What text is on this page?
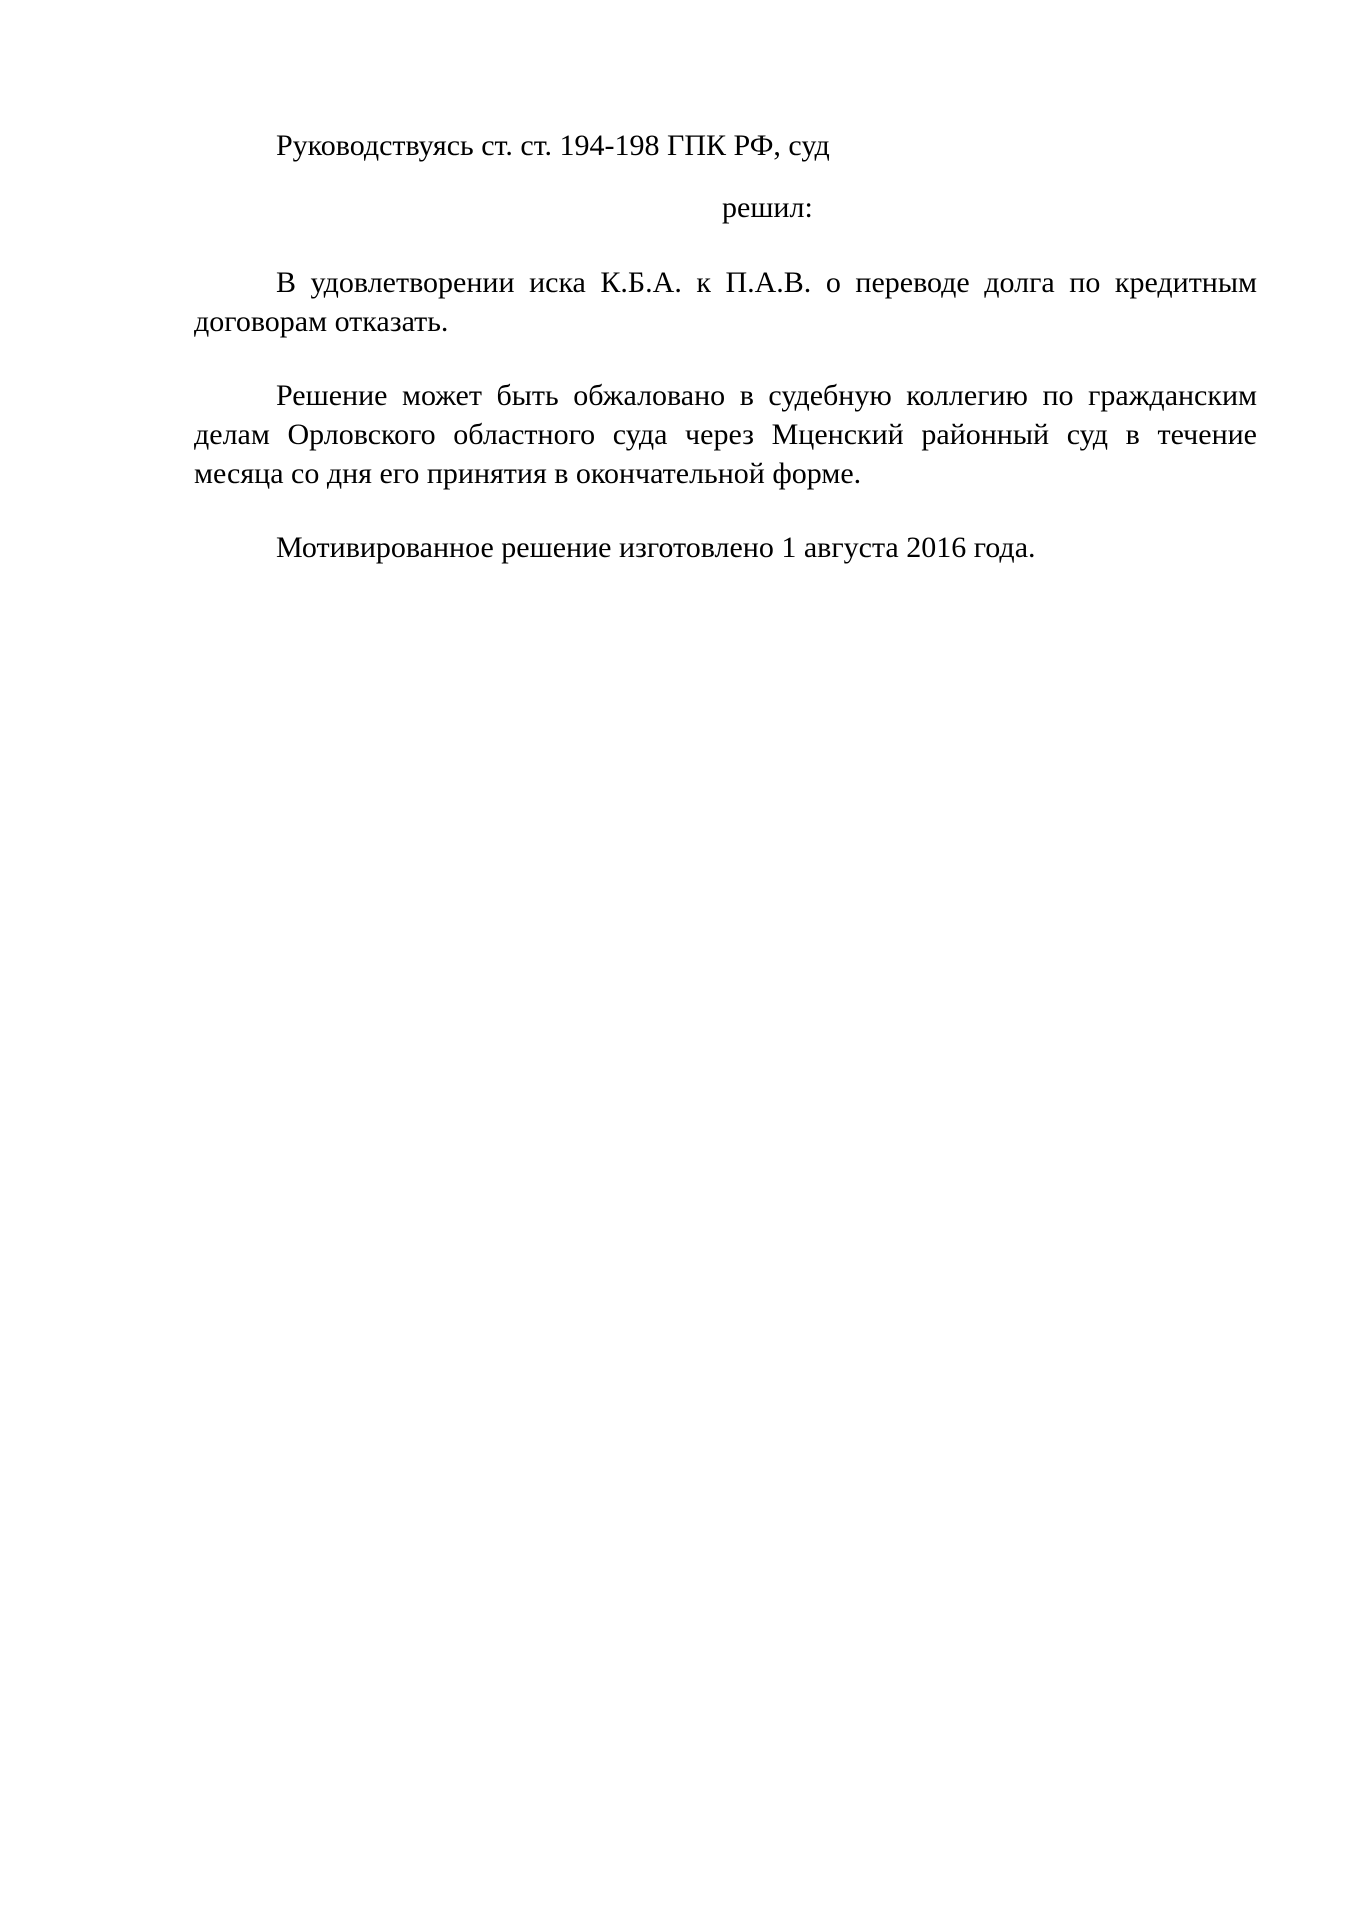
Руководствуясь ст. ст. 194-198 ГПК РФ, суд

решил:

В удовлетворении иска К.Б.А. к П.А.В. о переводе долга по кредитным договорам отказать.

Решение может быть обжаловано в судебную коллегию по гражданским делам Орловского областного суда через Мценский районный суд в течение месяца со дня его принятия в окончательной форме.

Мотивированное решение изготовлено 1 августа 2016 года.
